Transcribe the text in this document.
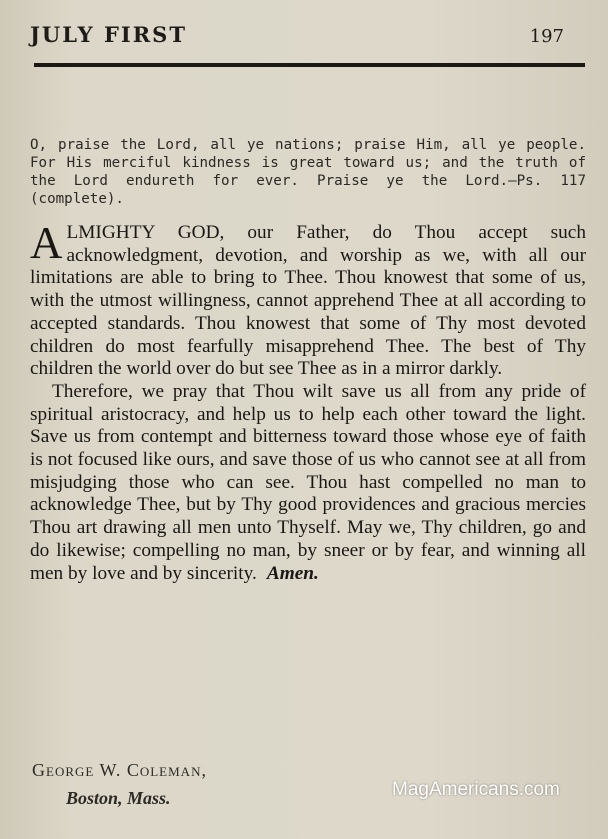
JULY FIRST	197
O, praise the Lord, all ye nations; praise Him, all ye people. For His merciful kindness is great toward us; and the truth of the Lord endureth for ever. Praise ye the Lord.—Ps. 117 (complete).

ALMIGHTY GOD, our Father, do Thou accept such acknowledgment, devotion, and worship as we, with all our limitations are able to bring to Thee. Thou knowest that some of us, with the utmost willingness, cannot apprehend Thee at all according to accepted standards. Thou knowest that some of Thy most devoted children do most fearfully misapprehend Thee. The best of Thy children the world over do but see Thee as in a mirror darkly.

Therefore, we pray that Thou wilt save us all from any pride of spiritual aristocracy, and help us to help each other toward the light. Save us from contempt and bitterness toward those whose eye of faith is not focused like ours, and save those of us who cannot see at all from misjudging those who can see. Thou hast compelled no man to acknowledge Thee, but by Thy good providences and gracious mercies Thou art drawing all men unto Thyself. May we, Thy children, go and do likewise; compelling no man, by sneer or by fear, and winning all men by love and by sincerity. Amen.

George W. Coleman,
Boston, Mass.	MagAmericans.com
